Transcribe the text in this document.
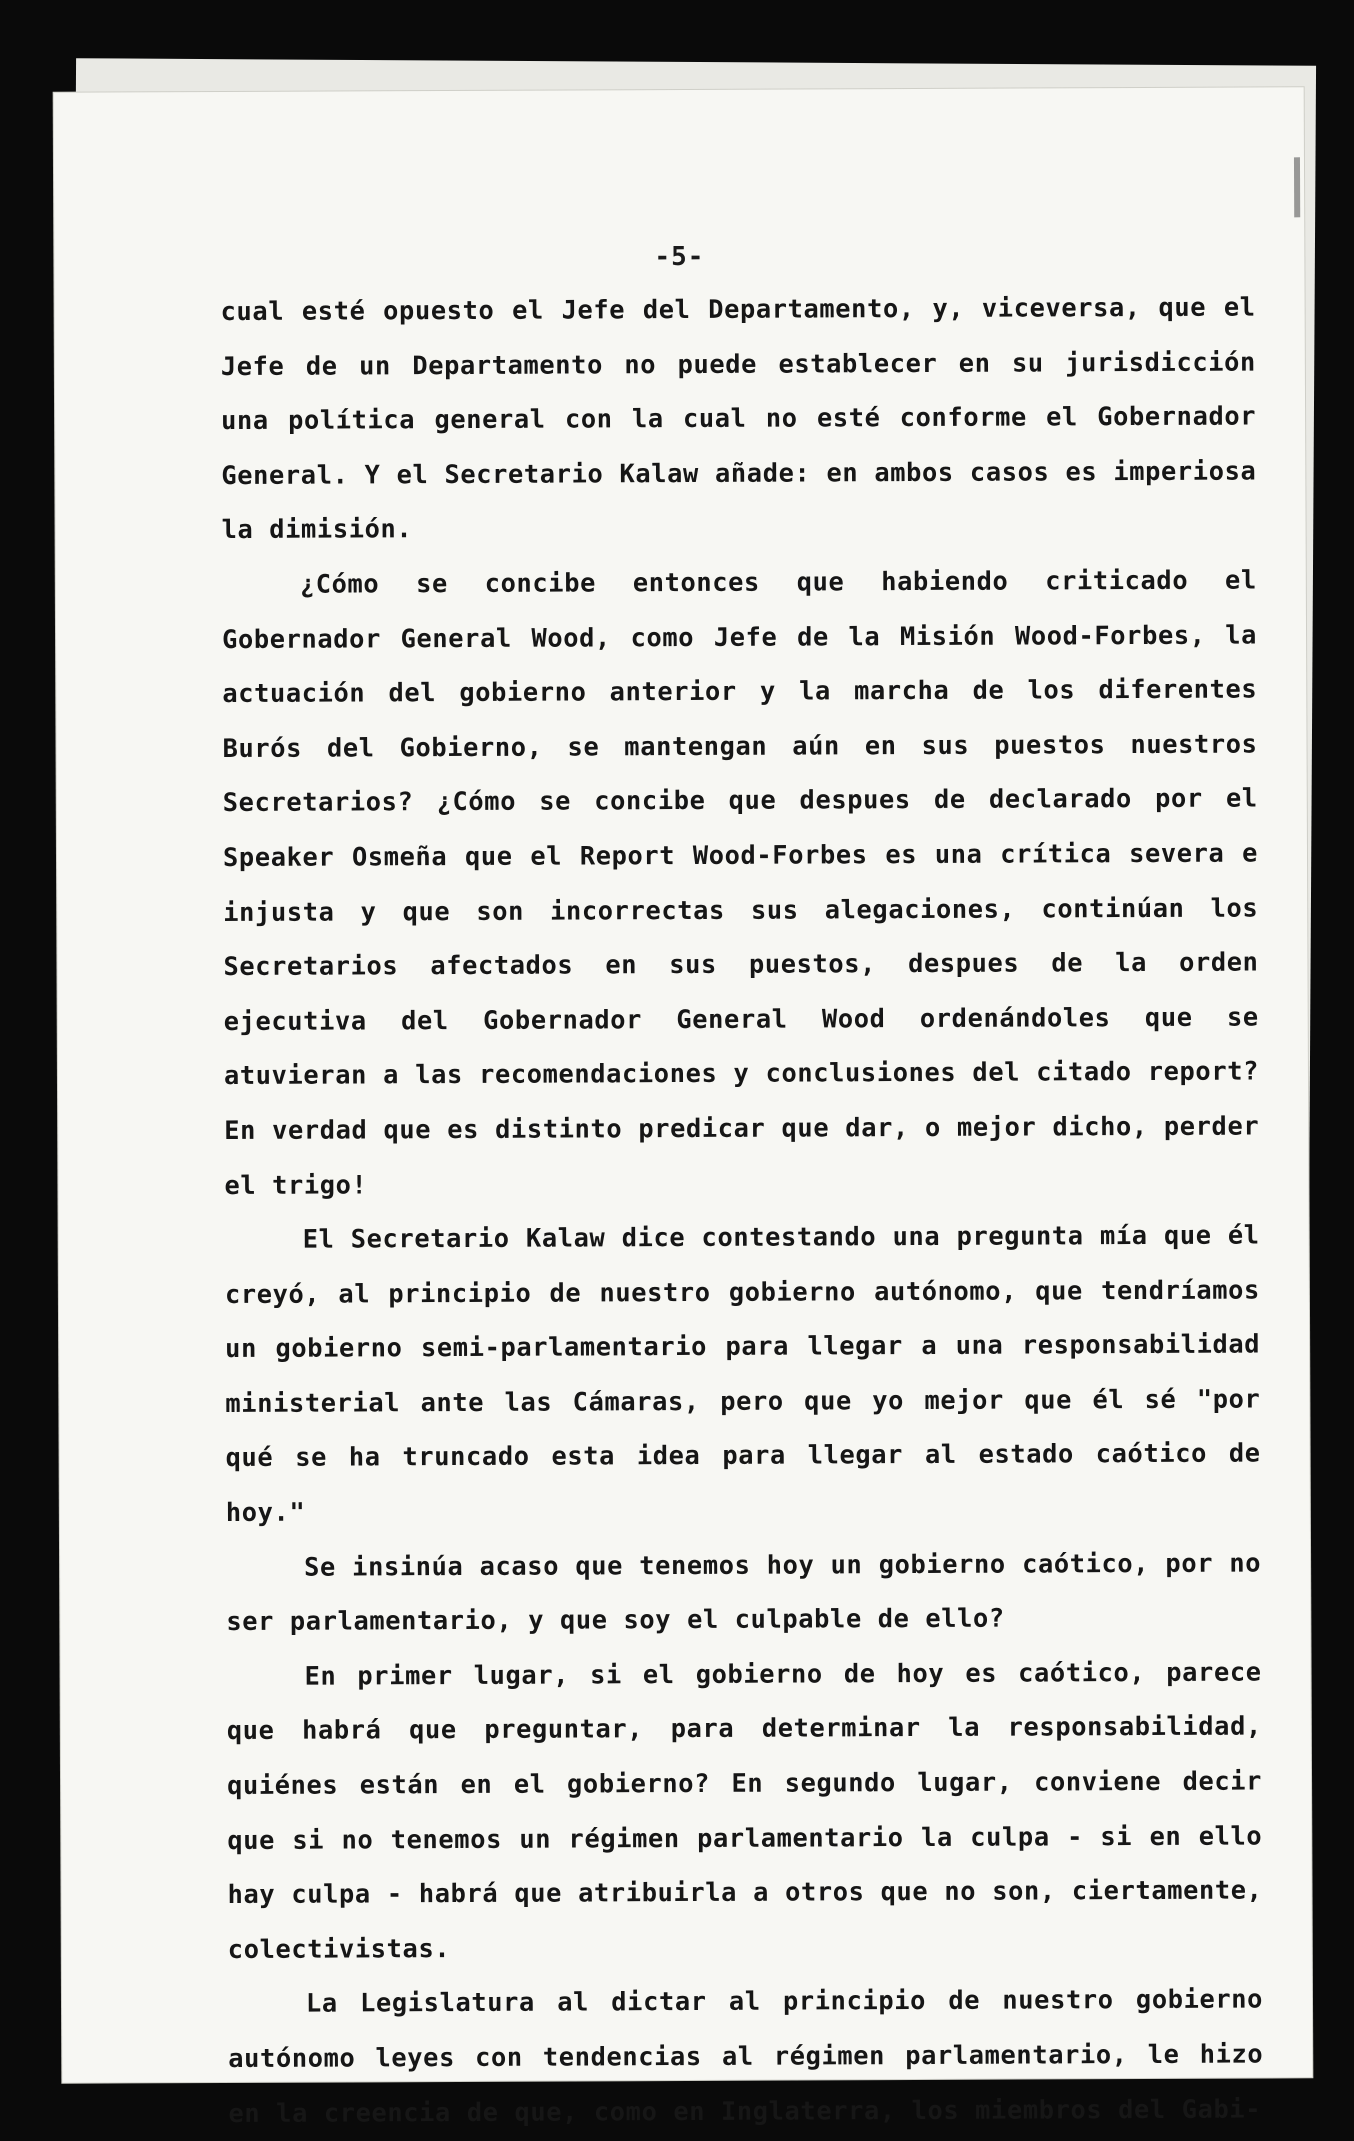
-5-

cual esté opuesto el Jefe del Departamento, y, viceversa, que el Jefe de un Departamento no puede establecer en su jurisdicción una política general con la cual no esté conforme el Gobernador General. Y el Secretario Kalaw añade: en ambos casos es imperiosa la dimisión.

¿Cómo se concibe entonces que habiendo criticado el Gobernador General Wood, como Jefe de la Misión Wood-Forbes, la actuación del gobierno anterior y la marcha de los diferentes Burós del Gobierno, se mantengan aún en sus puestos nuestros Secretarios? ¿Cómo se concibe que despues de declarado por el Speaker Osmeña que el Report Wood-Forbes es una crítica severa e injusta y que son incorrectas sus alegaciones, continúan los Secretarios afectados en sus puestos, despues de la orden ejecutiva del Gobernador General Wood ordenándoles que se atuvieran a las recomendaciones y conclusiones del citado report? En verdad que es distinto predicar que dar, o mejor dicho, perder el trigo!

El Secretario Kalaw dice contestando una pregunta mía que él creyó, al principio de nuestro gobierno autónomo, que tendríamos un gobierno semi-parlamentario para llegar a una responsabilidad ministerial ante las Cámaras, pero que yo mejor que él sé "por qué se ha truncado esta idea para llegar al estado caótico de hoy."

Se insinúa acaso que tenemos hoy un gobierno caótico, por no ser parlamentario, y que soy el culpable de ello?

En primer lugar, si el gobierno de hoy es caótico, parece que habrá que preguntar, para determinar la responsabilidad, quiénes están en el gobierno? En segundo lugar, conviene decir que si no tenemos un régimen parlamentario la culpa - si en ello hay culpa - habrá que atribuirla a otros que no son, ciertamente, colectivistas.

La Legislatura al dictar al principio de nuestro gobierno autónomo leyes con tendencias al régimen parlamentario, le hizo en la creencia de que, como en Inglaterra, los miembros del Gabi-
